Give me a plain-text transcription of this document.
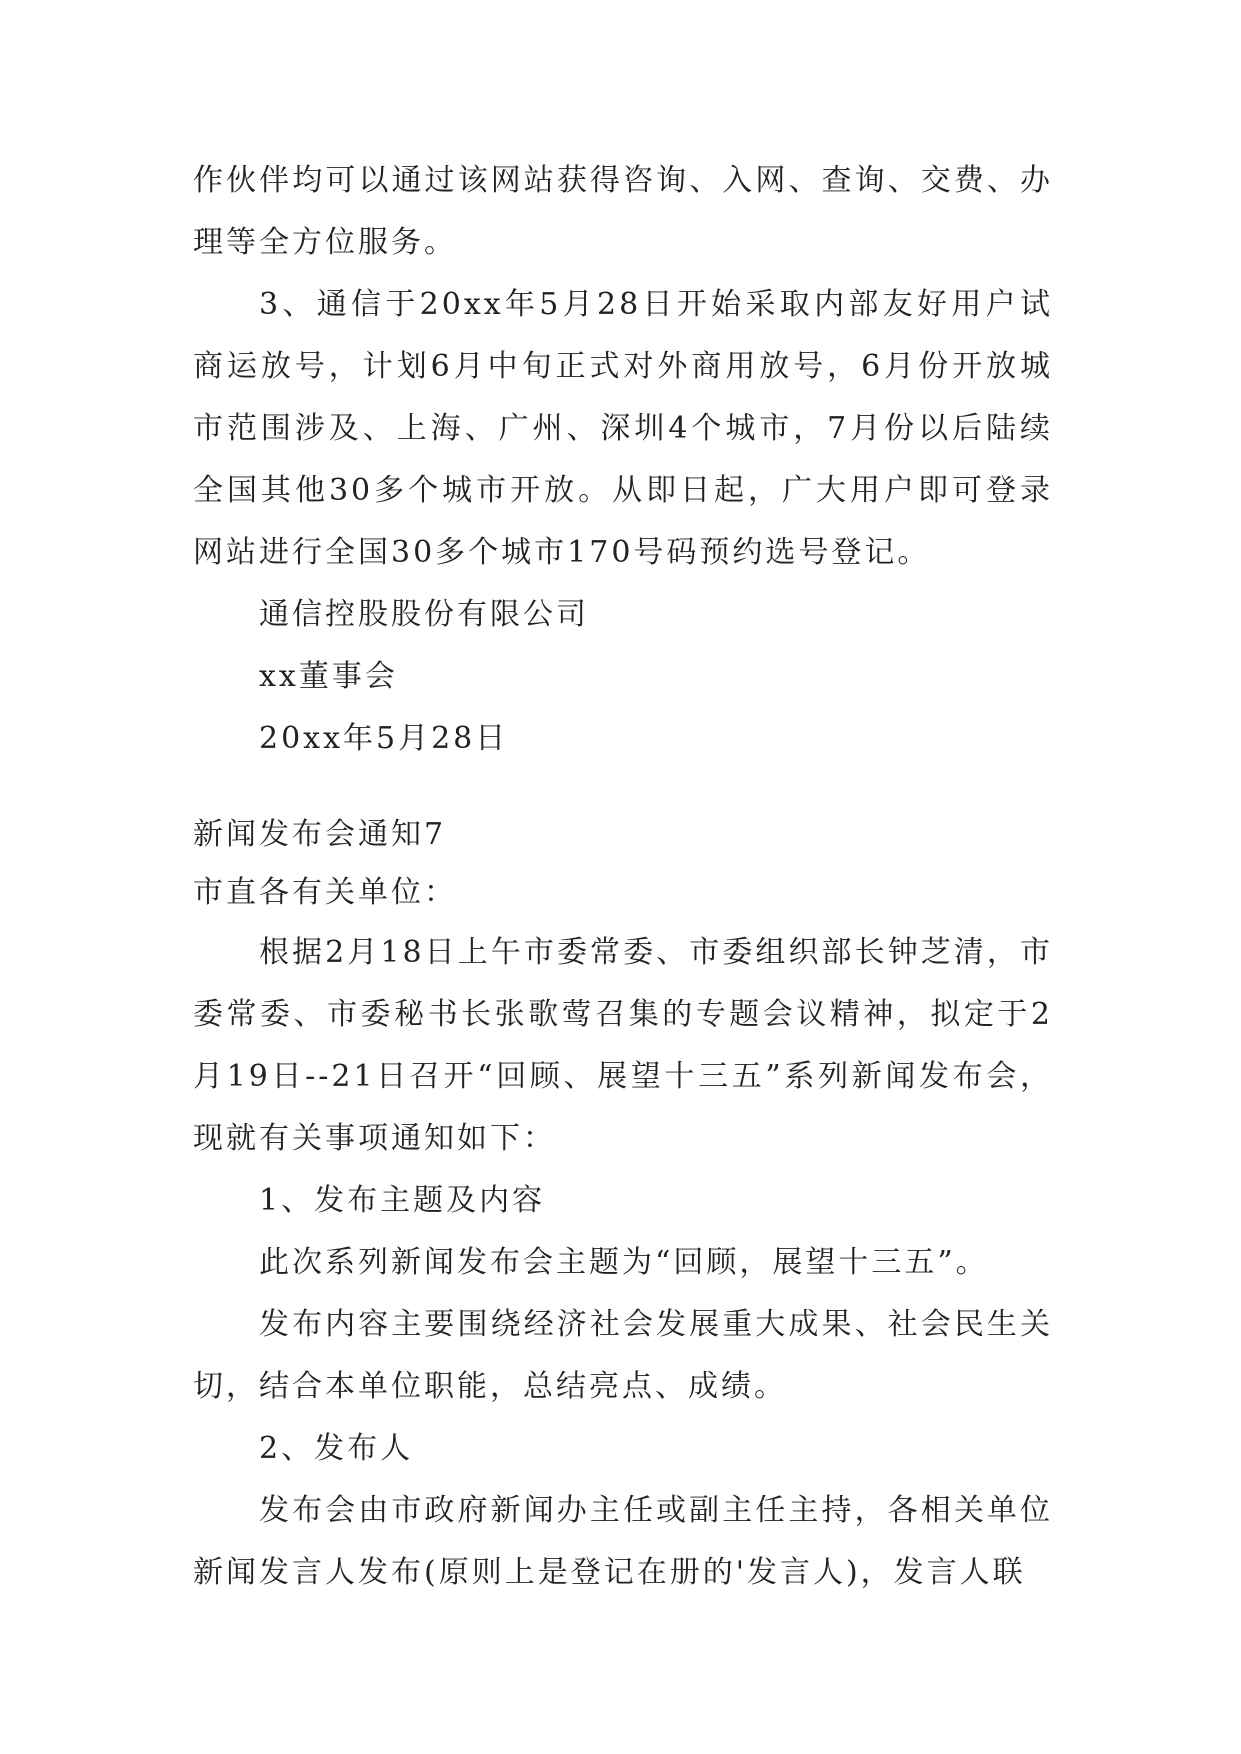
作伙伴均可以通过该网站获得咨询、入网、查询、交费、办理等全方位服务。

3、通信于20xx年5月28日开始采取内部友好用户试商运放号，计划6月中旬正式对外商用放号，6月份开放城市范围涉及、上海、广州、深圳4个城市，7月份以后陆续全国其他30多个城市开放。从即日起，广大用户即可登录网站进行全国30多个城市170号码预约选号登记。

通信控股股份有限公司

xx董事会

20xx年5月28日

新闻发布会通知7

市直各有关单位：

根据2月18日上午市委常委、市委组织部长钟芝清，市委常委、市委秘书长张歌莺召集的专题会议精神，拟定于2月19日--21日召开“回顾、展望十三五”系列新闻发布会，现就有关事项通知如下：

1、发布主题及内容

此次系列新闻发布会主题为“回顾，展望十三五”。

发布内容主要围绕经济社会发展重大成果、社会民生关切，结合本单位职能，总结亮点、成绩。

2、发布人

发布会由市政府新闻办主任或副主任主持，各相关单位新闻发言人发布(原则上是登记在册的'发言人)，发言人联
